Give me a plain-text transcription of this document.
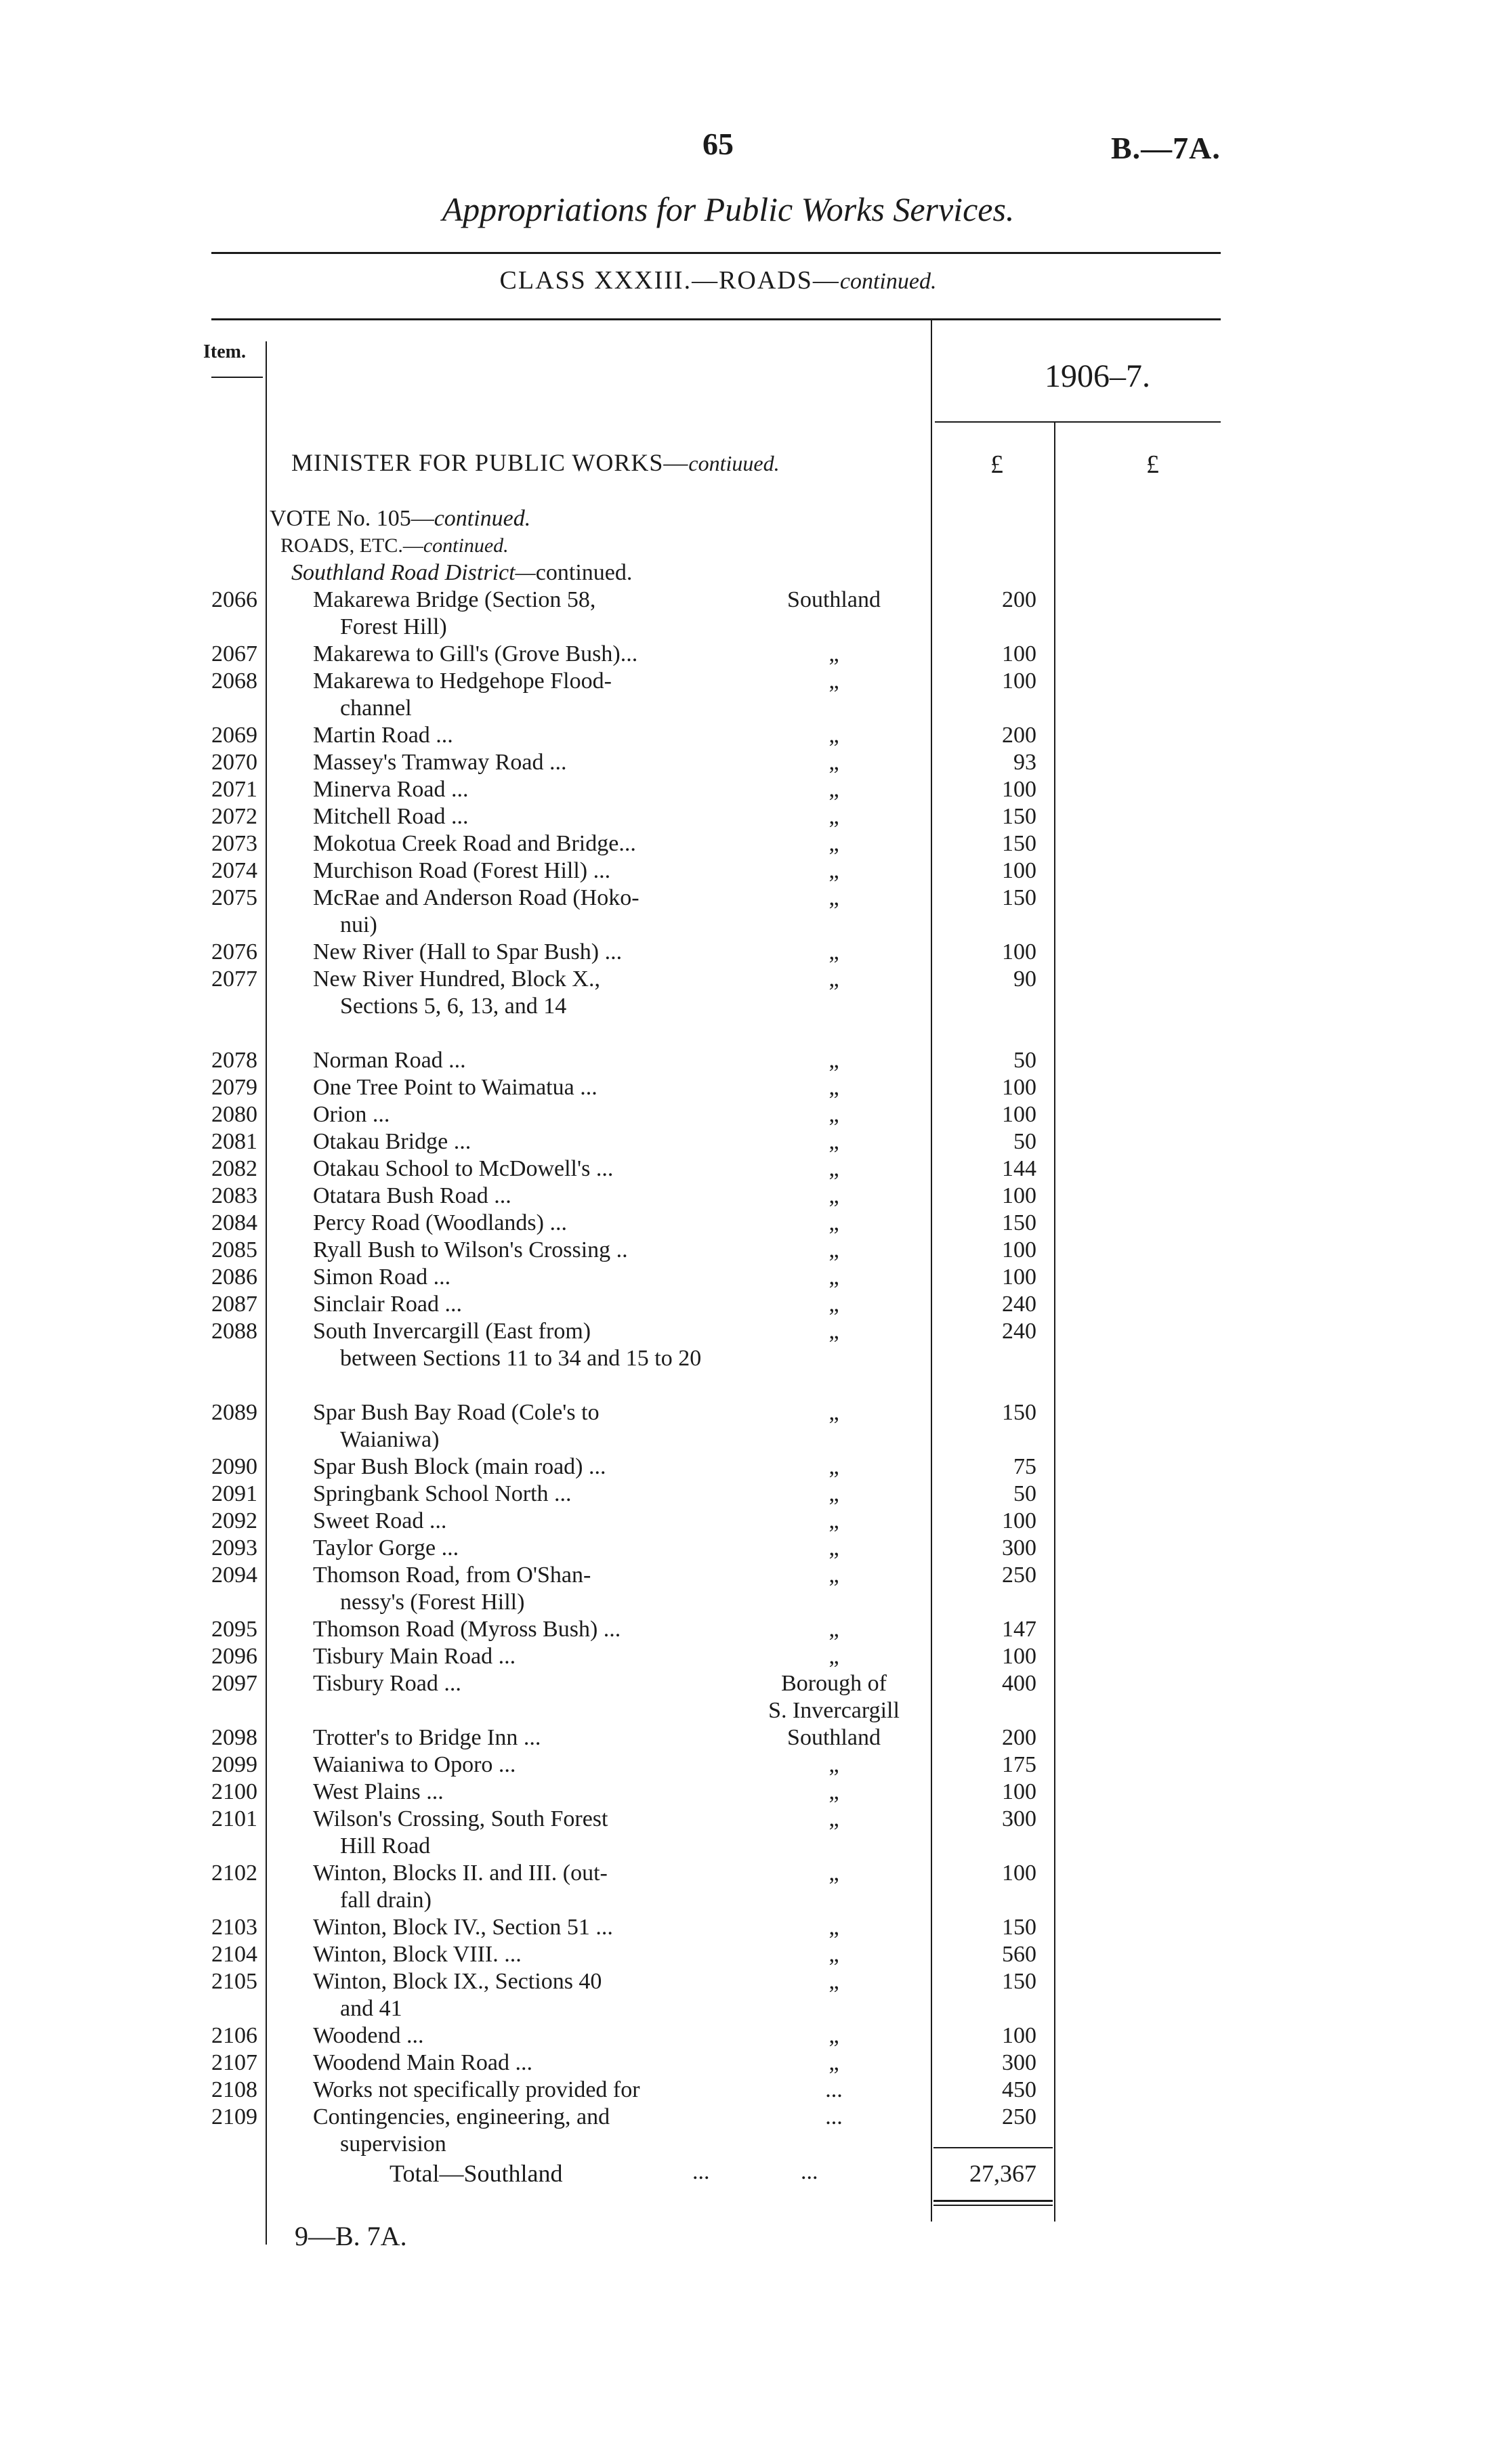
65	B.—7A.
Appropriations for Public Works Services.
CLASS XXXIII.—ROADS—continued.
Item.
1906–7.
MINISTER FOR PUBLIC WORKS—contiuued.	£	£
VOTE No. 105—continued.
ROADS, ETC.—continued.
Southland Road District—continued.
2066 Makarewa Bridge (Section 58,
Forest Hill)
Southland	200
2067 Makarewa to Gill's (Grove Bush)...	„	100
2068 Makarewa to Hedgehope Flood-
channel
„	100
2069 Martin Road ...	„	200
2070 Massey's Tramway Road ...	„	93
2071 Minerva Road ...	„	100
2072 Mitchell Road ...	„	150
2073 Mokotua Creek Road and Bridge...	„	150
2074 Murchison Road (Forest Hill) ...	„	100
2075 McRae and Anderson Road (Hoko-
nui)
„	150
2076 New River (Hall to Spar Bush) ...	„	100
2077 New River Hundred, Block X.,
Sections 5, 6, 13, and 14
„	90
2078 Norman Road ...	„	50
2079 One Tree Point to Waimatua ...	„	100
2080 Orion ...	„	100
2081 Otakau Bridge ...	„	50
2082 Otakau School to McDowell's ...	„	144
2083 Otatara Bush Road ...	„	100
2084 Percy Road (Woodlands) ...	„	150
2085 Ryall Bush to Wilson's Crossing ..	„	100
2086 Simon Road ...	„	100
2087 Sinclair Road ...	„	240
2088 South Invercargill (East from)
between Sections 11 to 34 and 15 to 20
„	240
2089 Spar Bush Bay Road (Cole's to
Waianiwa)
„	150
2090 Spar Bush Block (main road) ...	„	75
2091 Springbank School North ...	„	50
2092 Sweet Road ...	„	100
2093 Taylor Gorge ...	„	300
2094 Thomson Road, from O'Shan-
nessy's (Forest Hill)
„	250
2095 Thomson Road (Myross Bush) ...	„	147
2096 Tisbury Main Road ...	„	100
2097 Tisbury Road ...	Borough of
S. Invercargill
400
2098 Trotter's to Bridge Inn ...	Southland	200
2099 Waianiwa to Oporo ...	„	175
2100 West Plains ...	„	100
2101 Wilson's Crossing, South Forest
Hill Road
„	300
2102 Winton, Blocks II. and III. (out-
fall drain)
„	100
2103 Winton, Block IV., Section 51 ...	„	150
2104 Winton, Block VIII. ...	„	560
2105 Winton, Block IX., Sections 40
and 41
„	150
2106 Woodend ...	„	100
2107 Woodend Main Road ...	„	300
2108 Works not specifically provided for	...	450
2109 Contingencies, engineering, and
supervision
...	250
Total—Southland	...	...	27,367
9—B. 7A.
